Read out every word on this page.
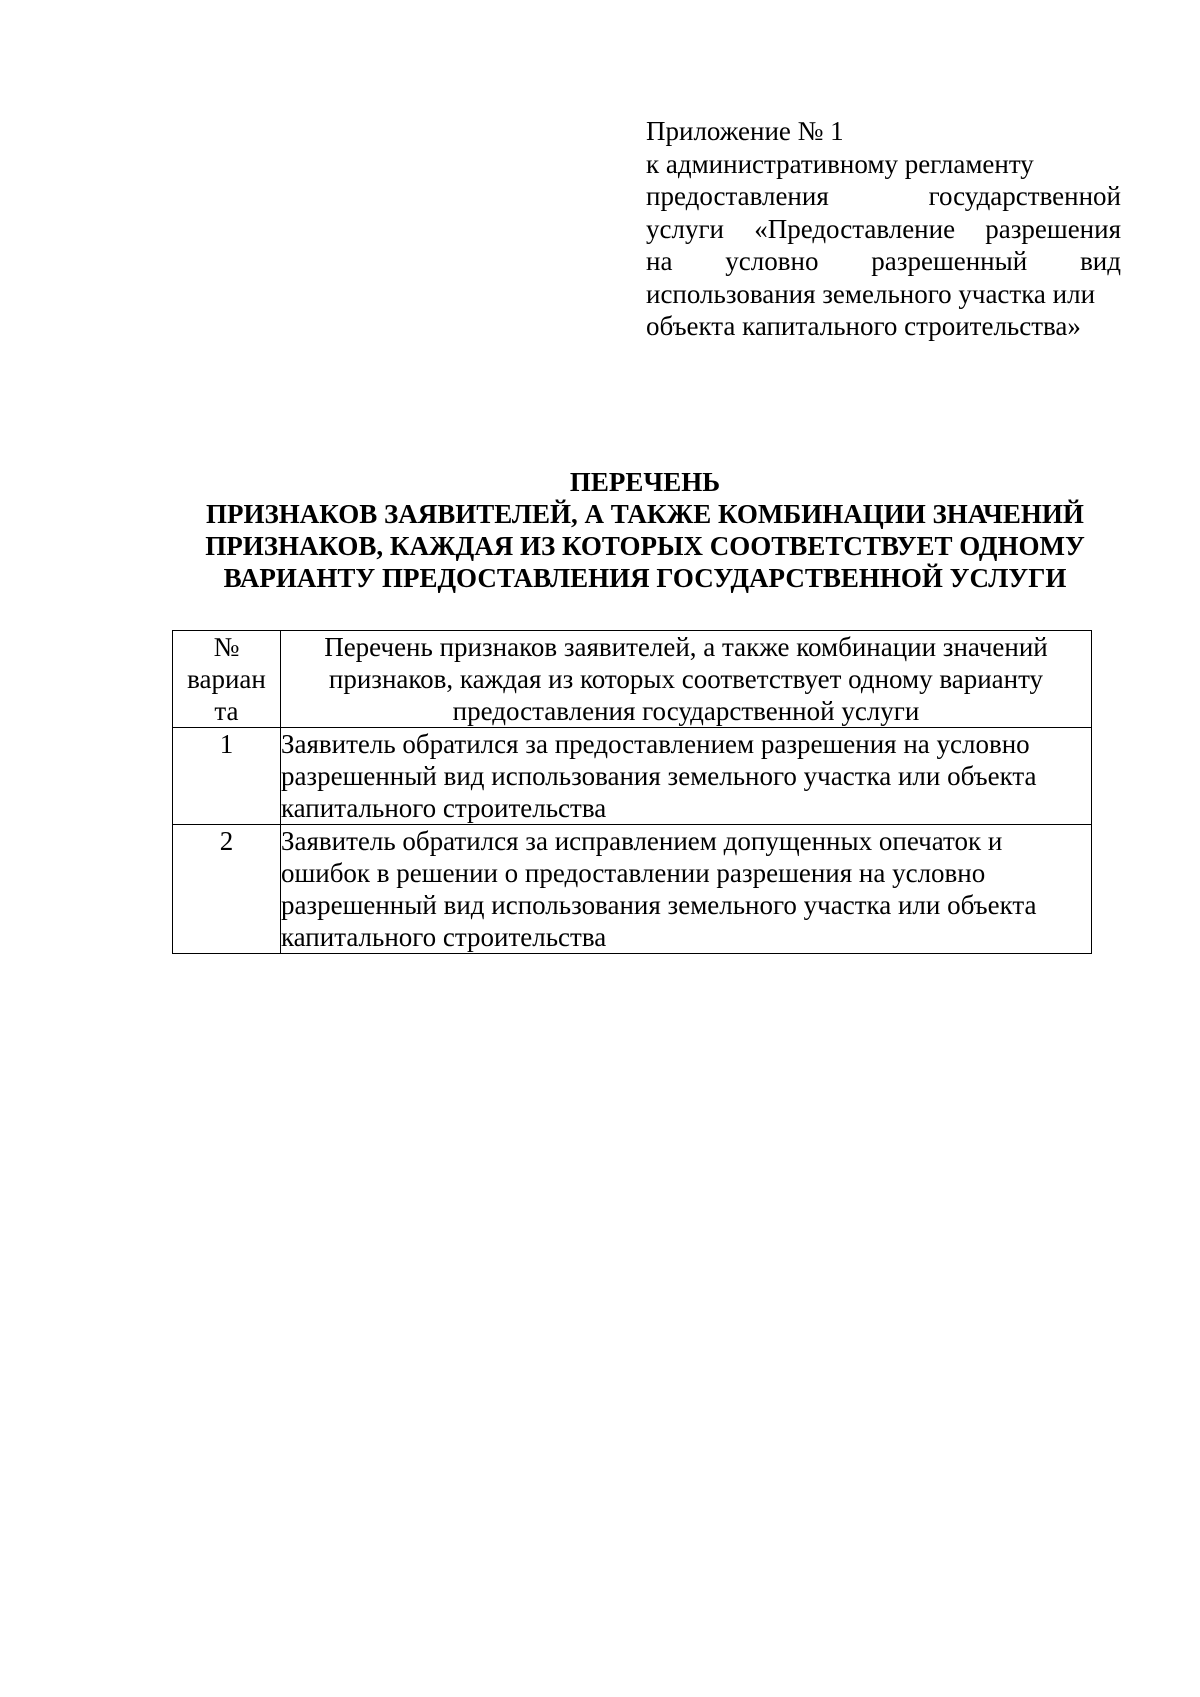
Приложение № 1
к административному регламенту
предоставления государственной
услуги «Предоставление разрешения
на условно разрешенный вид
использования земельного участка или
объекта капитального строительства»
ПЕРЕЧЕНЬ
ПРИЗНАКОВ ЗАЯВИТЕЛЕЙ, А ТАКЖЕ КОМБИНАЦИИ ЗНАЧЕНИЙ
ПРИЗНАКОВ, КАЖДАЯ ИЗ КОТОРЫХ СООТВЕТСТВУЕТ ОДНОМУ
ВАРИАНТУ ПРЕДОСТАВЛЕНИЯ ГОСУДАРСТВЕННОЙ УСЛУГИ
№
вариан
та	Перечень признаков заявителей, а также комбинации значений признаков, каждая из которых соответствует одному варианту предоставления государственной услуги
1	Заявитель обратился за предоставлением разрешения на условно разрешенный вид использования земельного участка или объекта капитального строительства
2	Заявитель обратился за исправлением допущенных опечаток и ошибок в решении о предоставлении разрешения на условно разрешенный вид использования земельного участка или объекта капитального строительства
